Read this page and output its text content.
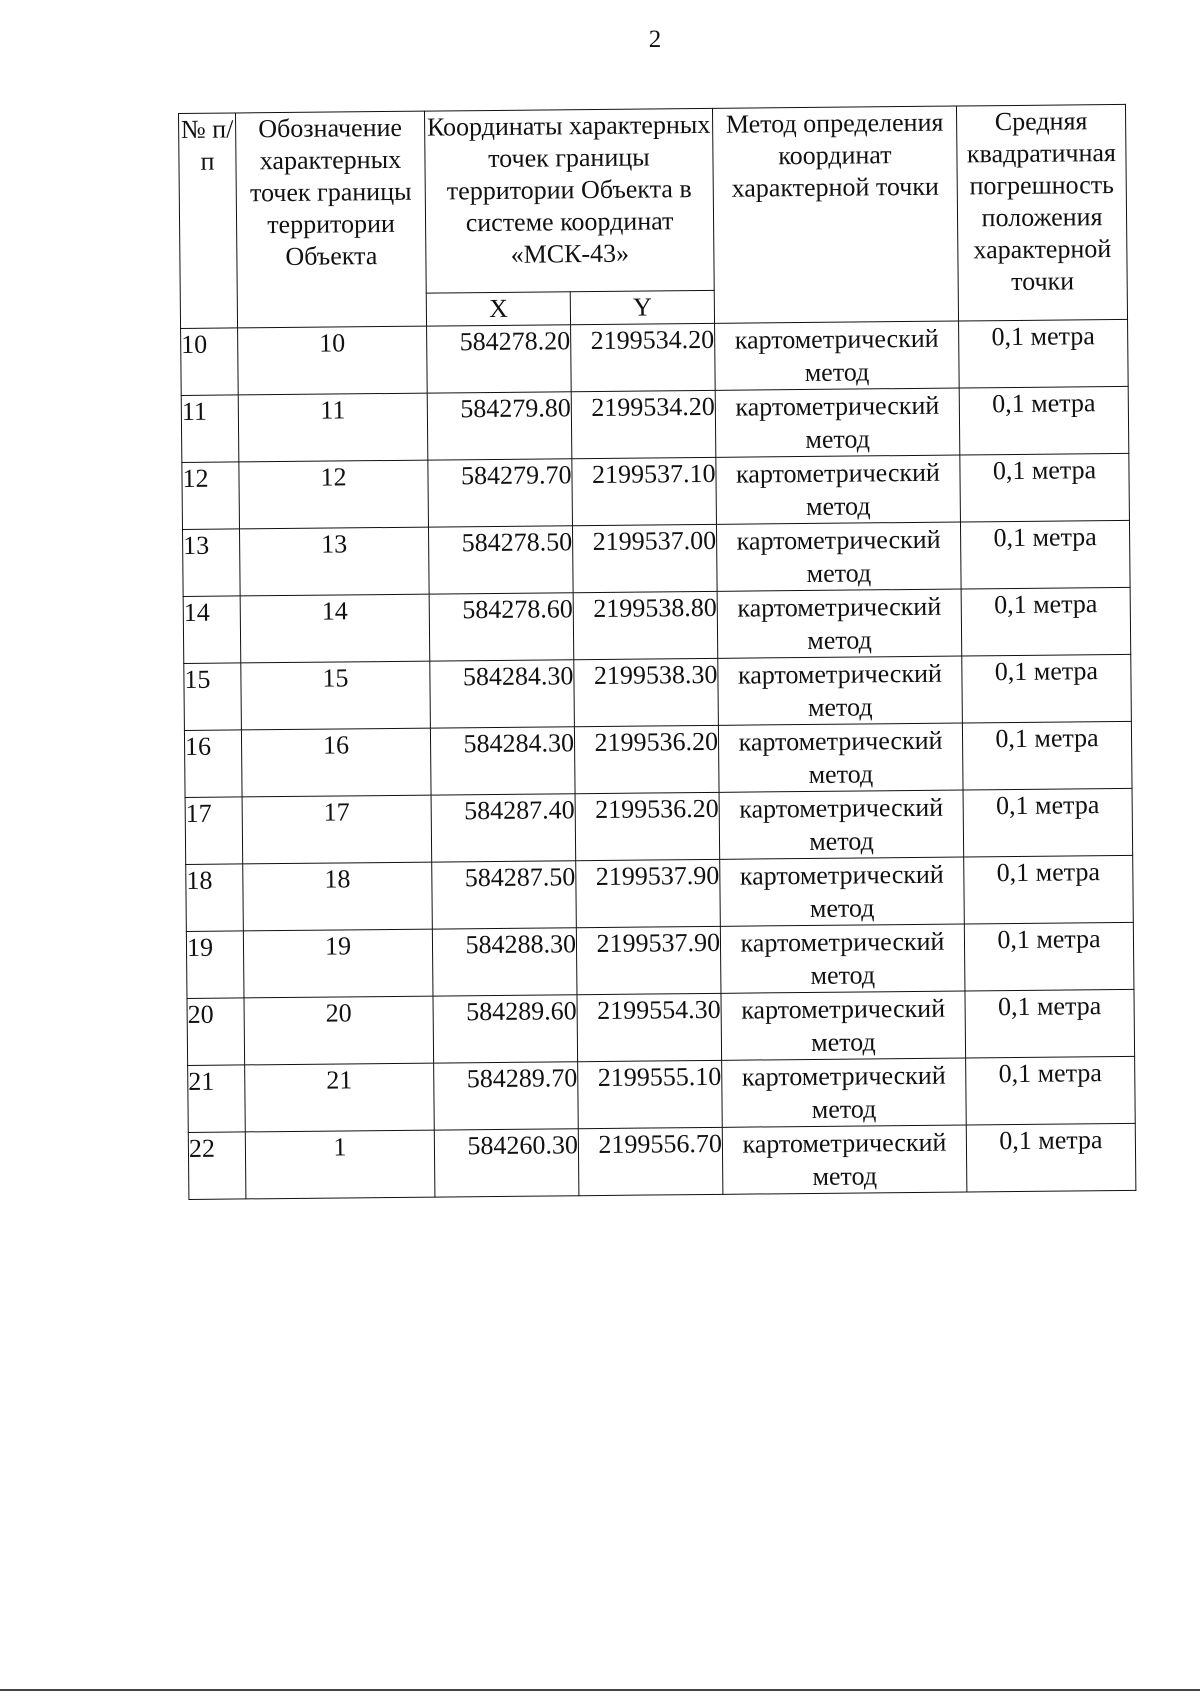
2
№ п/п	Обозначение характерных точек границы территории Объекта	Координаты характерных точек границы территории Объекта в системе координат «МСК-43»		Метод определения координат характерной точки	Средняя квадратичная погрешность положения характерной точки
		X	Y		
10	10	584278.20	2199534.20	картометрический метод	0,1 метра
11	11	584279.80	2199534.20	картометрический метод	0,1 метра
12	12	584279.70	2199537.10	картометрический метод	0,1 метра
13	13	584278.50	2199537.00	картометрический метод	0,1 метра
14	14	584278.60	2199538.80	картометрический метод	0,1 метра
15	15	584284.30	2199538.30	картометрический метод	0,1 метра
16	16	584284.30	2199536.20	картометрический метод	0,1 метра
17	17	584287.40	2199536.20	картометрический метод	0,1 метра
18	18	584287.50	2199537.90	картометрический метод	0,1 метра
19	19	584288.30	2199537.90	картометрический метод	0,1 метра
20	20	584289.60	2199554.30	картометрический метод	0,1 метра
21	21	584289.70	2199555.10	картометрический метод	0,1 метра
22	1	584260.30	2199556.70	картометрический метод	0,1 метра
